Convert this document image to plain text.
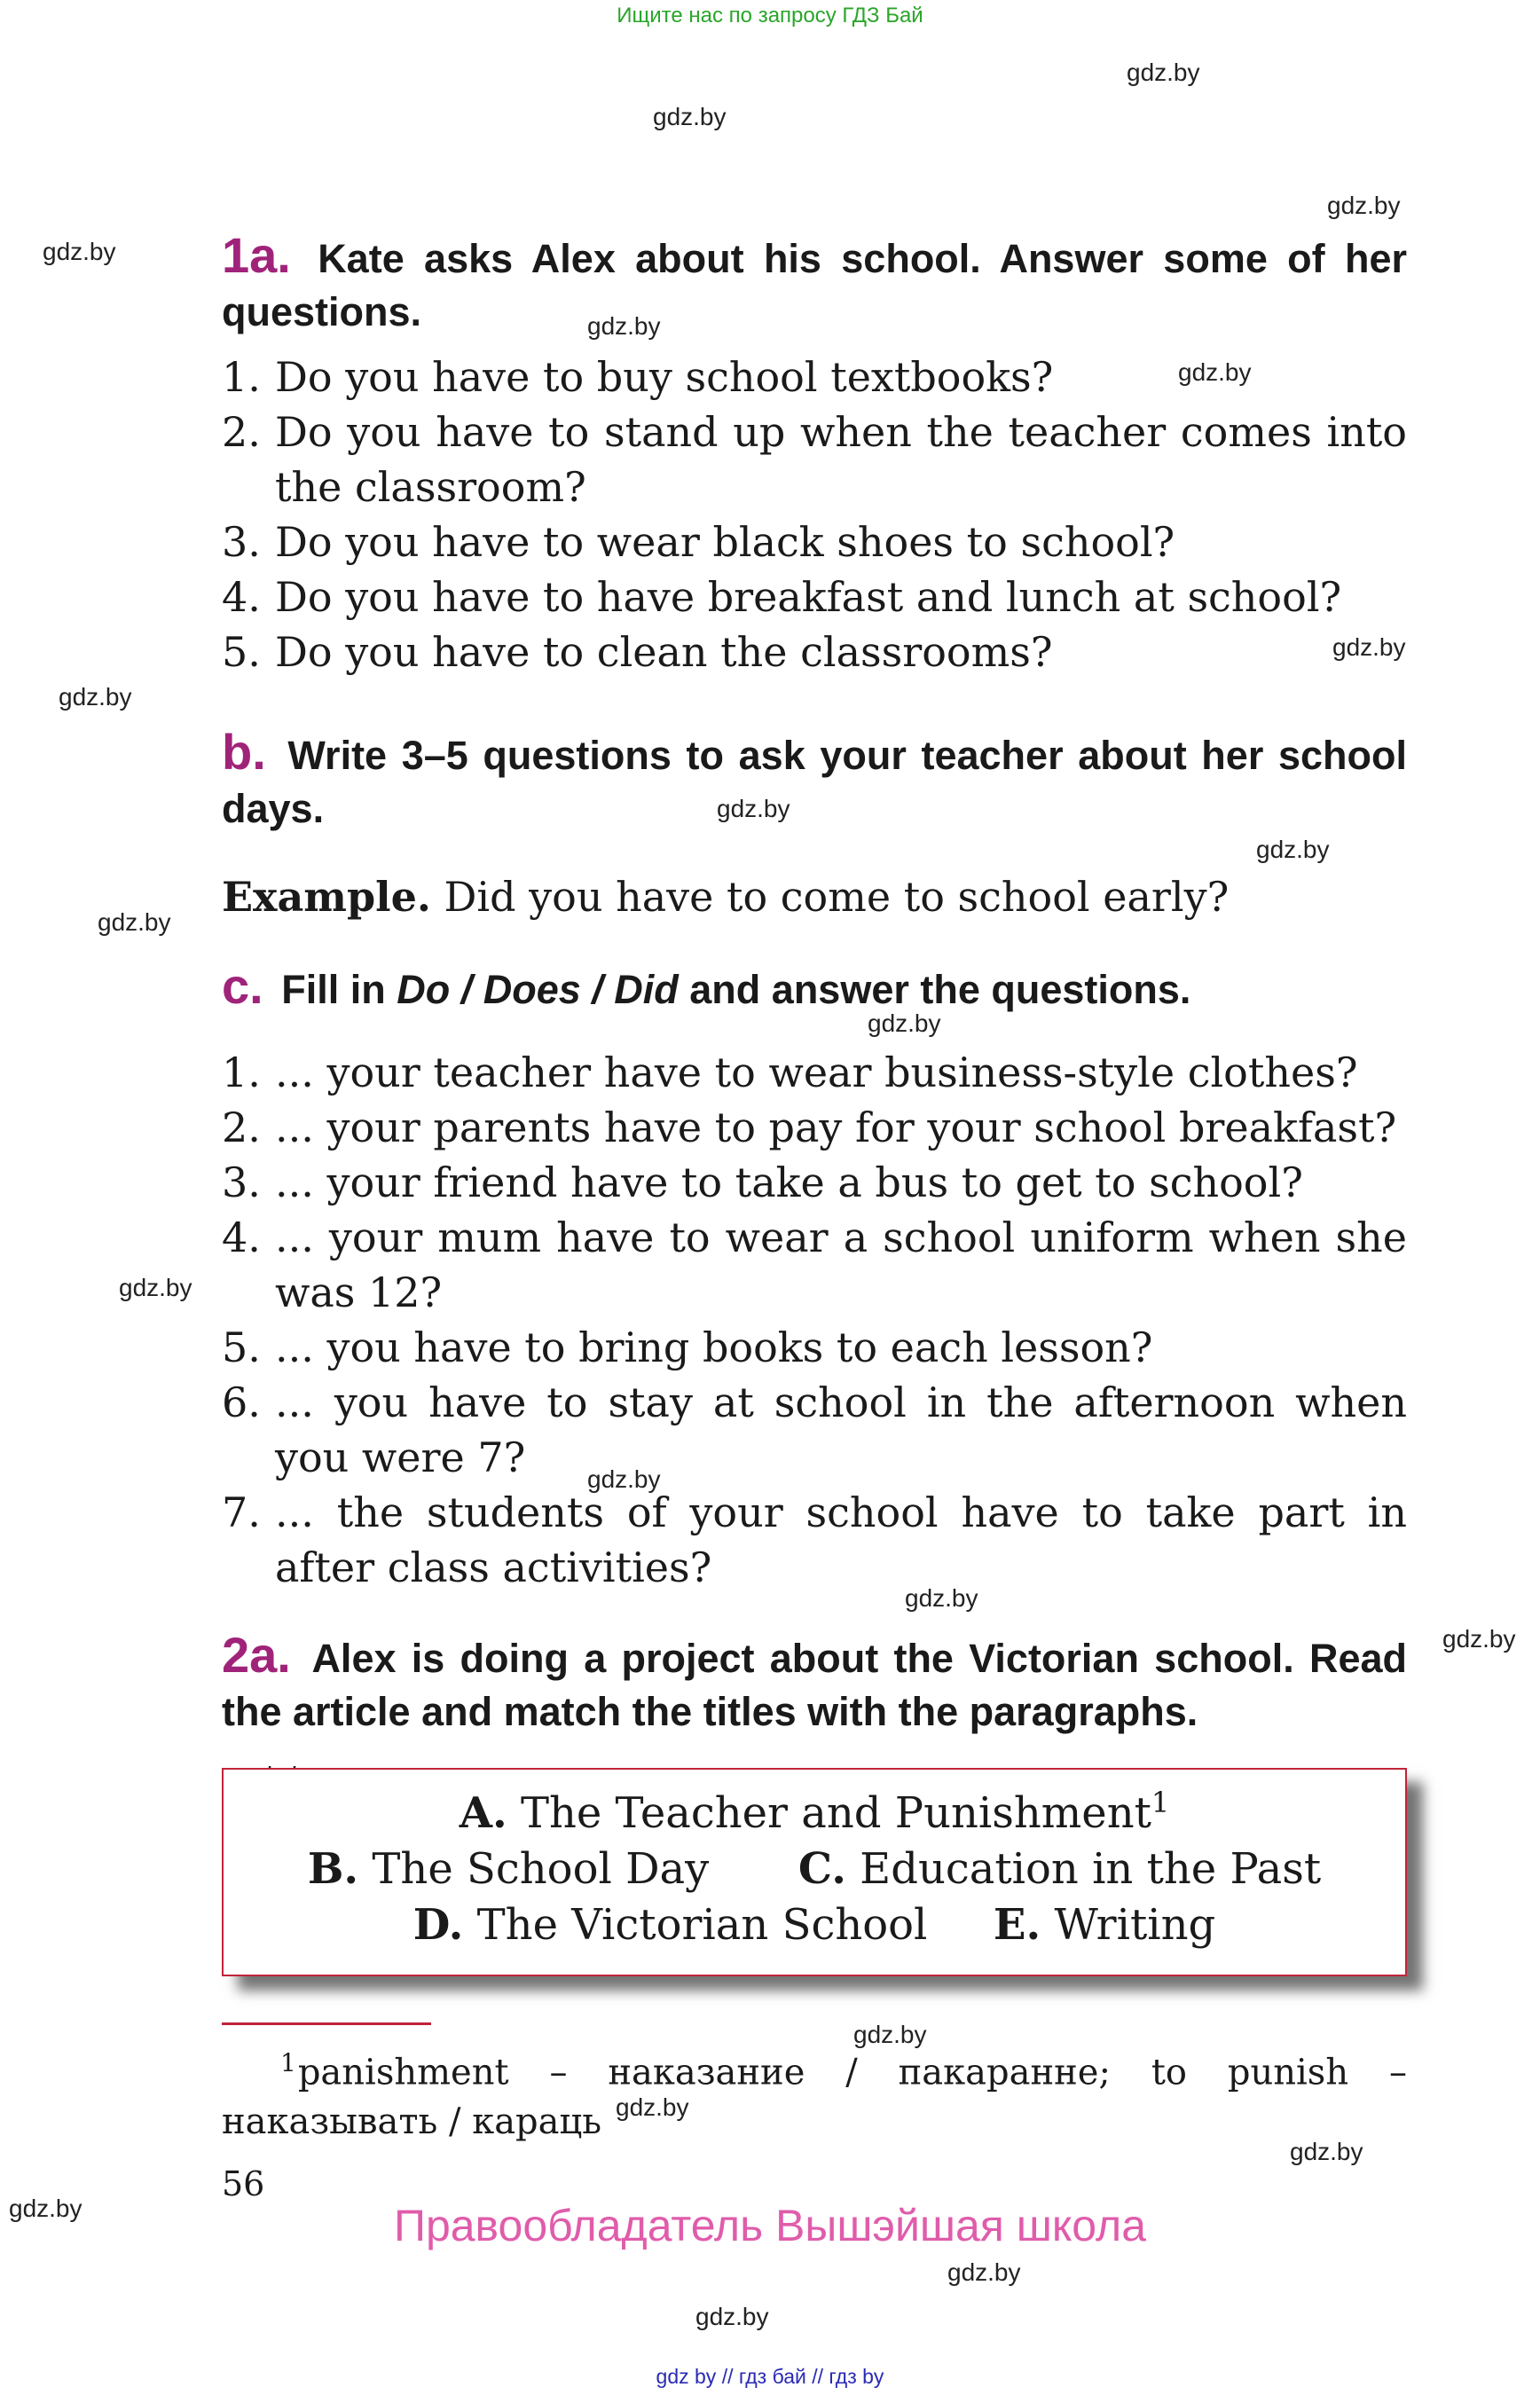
Ищите нас по запросу ГДЗ Бай
gdz.by
gdz.by
gdz.by
gdz.by
gdz.by
gdz.by
gdz.by
gdz.by
gdz.by
gdz.by
gdz.by
gdz.by
gdz.by
gdz.by
gdz.by
gdz.by
gdz.by
gdz.by
gdz.by
gdz.by
gdz.by
gdz.by
1a. Kate asks Alex about his school. Answer some of her questions.
1. Do you have to buy school textbooks?
2. Do you have to stand up when the teacher comes into the classroom?
3. Do you have to wear black shoes to school?
4. Do you have to have breakfast and lunch at school?
5. Do you have to clean the classrooms?
b. Write 3–5 questions to ask your teacher about her school days.
Example. Did you have to come to school early?
c. Fill in Do / Does / Did and answer the questions.
1. ... your teacher have to wear business-style clothes?
2. ... your parents have to pay for your school breakfast?
3. ... your friend have to take a bus to get to school?
4. ... your mum have to wear a school uniform when she was 12?
5. ... you have to bring books to each lesson?
6. ... you have to stay at school in the afternoon when you were 7?
7. ... the students of your school have to take part in after class activities?
2a. Alex is doing a project about the Victorian school. Read the article and match the titles with the paragraphs.
A. The Teacher and Punishment$^1$
B. The School Day C. Education in the Past
D. The Victorian School E. Writing
$^1$panishment – наказание / пакаранне; to punish –наказывать / караць
56
Правообладатель Вышэйшая школа
gdz by // гдз бай // гдз by
